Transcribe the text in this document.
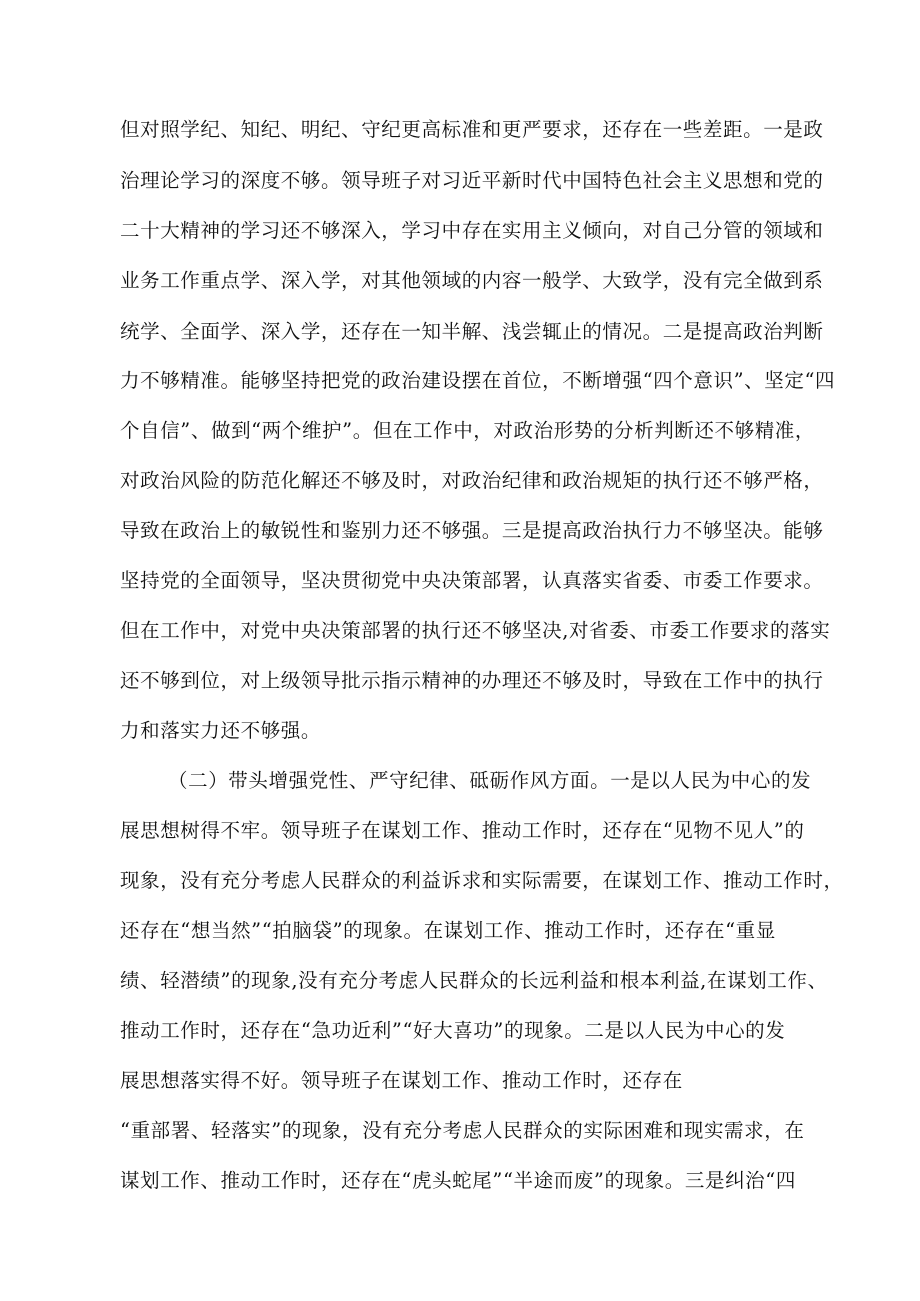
但对照学纪、知纪、明纪、守纪更高标准和更严要求，还存在一些差距。一是政
治理论学习的深度不够。领导班子对习近平新时代中国特色社会主义思想和党的
二十大精神的学习还不够深入，学习中存在实用主义倾向，对自己分管的领域和
业务工作重点学、深入学，对其他领域的内容一般学、大致学，没有完全做到系
统学、全面学、深入学，还存在一知半解、浅尝辄止的情况。二是提高政治判断
力不够精准。能够坚持把党的政治建设摆在首位，不断增强“四个意识”、坚定“四
个自信”、做到“两个维护”。但在工作中，对政治形势的分析判断还不够精准，
对政治风险的防范化解还不够及时，对政治纪律和政治规矩的执行还不够严格，
导致在政治上的敏锐性和鉴别力还不够强。三是提高政治执行力不够坚决。能够
坚持党的全面领导，坚决贯彻党中央决策部署，认真落实省委、市委工作要求。
但在工作中，对党中央决策部署的执行还不够坚决,对省委、市委工作要求的落实
还不够到位，对上级领导批示指示精神的办理还不够及时，导致在工作中的执行
力和落实力还不够强。
（二）带头增强党性、严守纪律、砥砺作风方面。一是以人民为中心的发
展思想树得不牢。领导班子在谋划工作、推动工作时，还存在“见物不见人”的
现象，没有充分考虑人民群众的利益诉求和实际需要，在谋划工作、推动工作时，
还存在“想当然”“拍脑袋”的现象。在谋划工作、推动工作时，还存在“重显
绩、轻潜绩”的现象,没有充分考虑人民群众的长远利益和根本利益,在谋划工作、
推动工作时，还存在“急功近利”“好大喜功”的现象。二是以人民为中心的发
展思想落实得不好。领导班子在谋划工作、推动工作时，还存在
“重部署、轻落实”的现象，没有充分考虑人民群众的实际困难和现实需求，在
谋划工作、推动工作时，还存在“虎头蛇尾”“半途而废”的现象。三是纠治“四
